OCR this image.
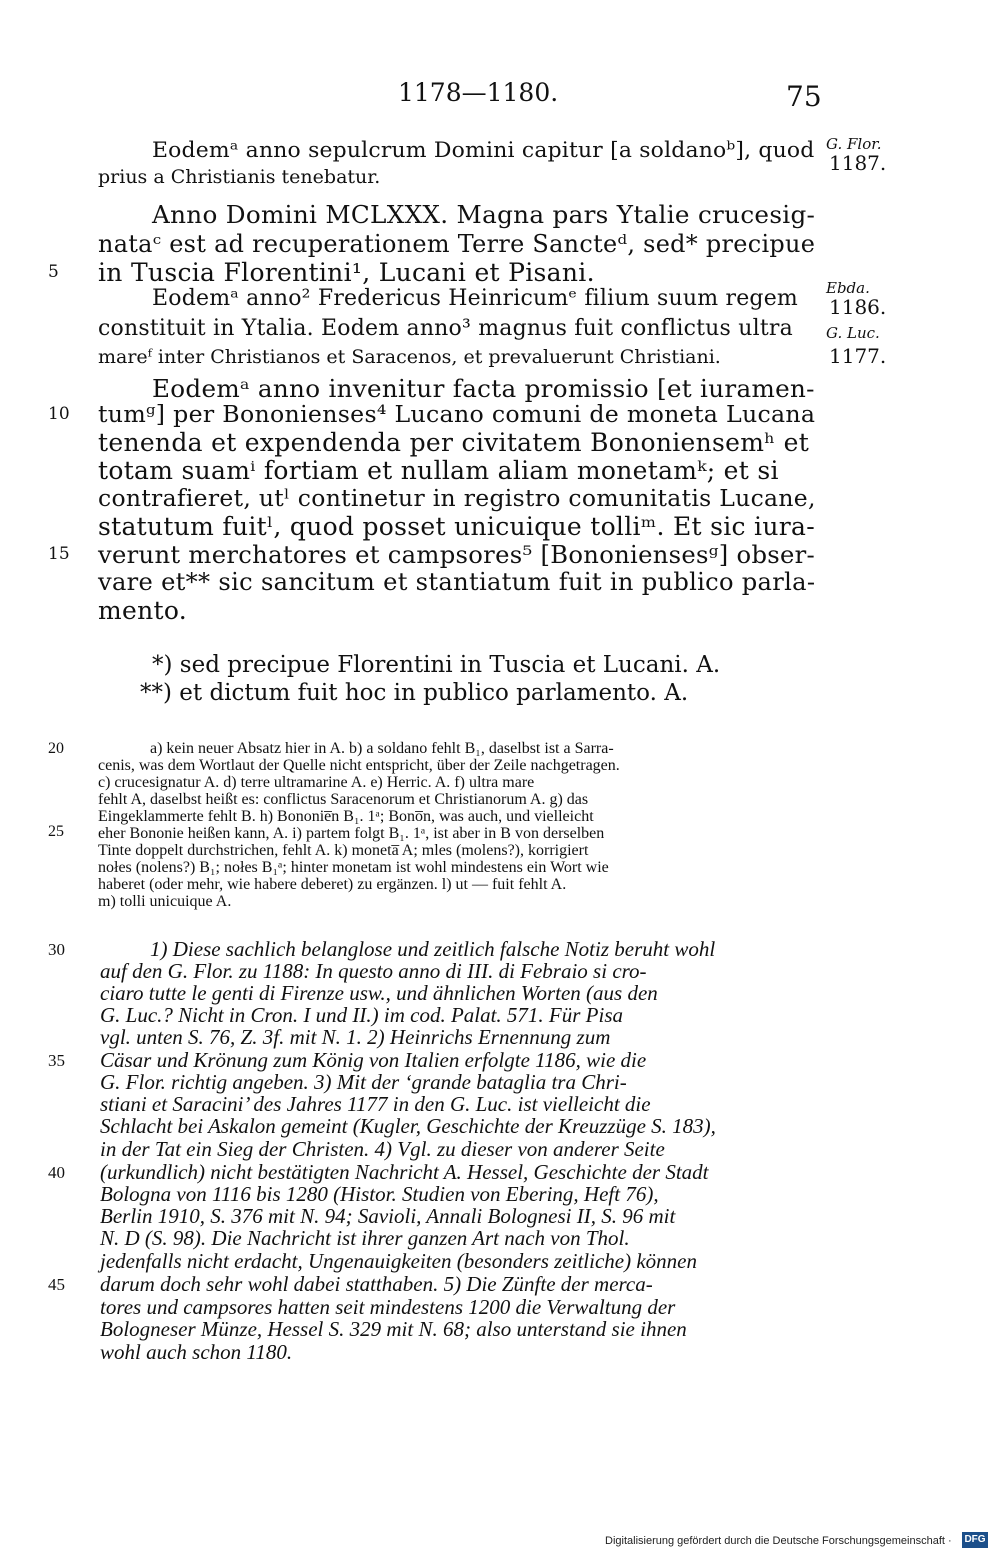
1178—1180.	75
Eodemᵃ anno sepulcrum Domini capitur [a soldanoᵇ], quod
prius a Christianis tenebatur.
Anno Domini MCLXXX. Magna pars Ytalie crucesig-
nataᶜ est ad recuperationem Terre Sancteᵈ, sed* precipue
in Tuscia Florentini¹, Lucani et Pisani.
Eodemᵃ anno² Fredericus Heinricumᵉ filium suum regem
constituit in Ytalia. Eodem anno³ magnus fuit conflictus ultra
mareᶠ inter Christianos et Saracenos, et prevaluerunt Christiani.
Eodemᵃ anno invenitur facta promissio [et iuramen-
tumᵍ] per Bononienses⁴ Lucano comuni de moneta Lucana
tenenda et expendenda per civitatem Bononiensemʰ et
totam suamⁱ fortiam et nullam aliam monetamᵏ; et si
contrafieret, utˡ continetur in registro comunitatis Lucane,
statutum fuitˡ, quod posset unicuique tolliᵐ. Et sic iura-
verunt merchatores et campsores⁵ [Bononiensesᵍ] obser-
vare et** sic sancitum et stantiatum fuit in publico parla-
mento.
5
10
15
G. Flor.
1187.
Ebda.
1186.
G. Luc.
1177.
*) sed precipue Florentini in Tuscia et Lucani. A.
**) et dictum fuit hoc in publico parlamento. A.
20
25
a) kein neuer Absatz hier in A. b) a soldano fehlt B₁, daselbst ist a Sarra-
cenis, was dem Wortlaut der Quelle nicht entspricht, über der Zeile nachgetragen.
c) crucesignatur A. d) terre ultramarine A. e) Herric. A. f) ultra mare
fehlt A, daselbst heißt es: conflictus Saracenorum et Christianorum A. g) das
Eingeklammerte fehlt B. h) Bononie̅n B₁. 1ᵃ; Bono̅n, was auch, und vielleicht
eher Bononie heißen kann, A. i) partem folgt B₁. 1ᵃ, ist aber in B von derselben
Tinte doppelt durchstrichen, fehlt A. k) moneta̅ A; mles (molens?), korrigiert
nołes (nolens?) B₁; nołes B₁ᵃ; hinter monetam ist wohl mindestens ein Wort wie
haberet (oder mehr, wie habere deberet) zu ergänzen. l) ut — fuit fehlt A.
m) tolli unicuique A.
30
35
40
45
1) Diese sachlich belanglose und zeitlich falsche Notiz beruht wohl
auf den G. Flor. zu 1188: In questo anno di III. di Febraio si cro-
ciaro tutte le genti di Firenze usw., und ähnlichen Worten (aus den
G. Luc.? Nicht in Cron. I und II.) im cod. Palat. 571. Für Pisa
vgl. unten S. 76, Z. 3f. mit N. 1. 2) Heinrichs Ernennung zum
Cäsar und Krönung zum König von Italien erfolgte 1186, wie die
G. Flor. richtig angeben. 3) Mit der ‘grande bataglia tra Chri-
stiani et Saracini’ des Jahres 1177 in den G. Luc. ist vielleicht die
Schlacht bei Askalon gemeint (Kugler, Geschichte der Kreuzzüge S. 183),
in der Tat ein Sieg der Christen. 4) Vgl. zu dieser von anderer Seite
(urkundlich) nicht bestätigten Nachricht A. Hessel, Geschichte der Stadt
Bologna von 1116 bis 1280 (Histor. Studien von Ebering, Heft 76),
Berlin 1910, S. 376 mit N. 94; Savioli, Annali Bolognesi II, S. 96 mit
N. D (S. 98). Die Nachricht ist ihrer ganzen Art nach von Thol.
jedenfalls nicht erdacht, Ungenauigkeiten (besonders zeitliche) können
darum doch sehr wohl dabei statthaben. 5) Die Zünfte der merca-
tores und campsores hatten seit mindestens 1200 die Verwaltung der
Bologneser Münze, Hessel S. 329 mit N. 68; also unterstand sie ihnen
wohl auch schon 1180.
Digitalisierung gefördert durch die Deutsche Forschungsgemeinschaft · DFG
